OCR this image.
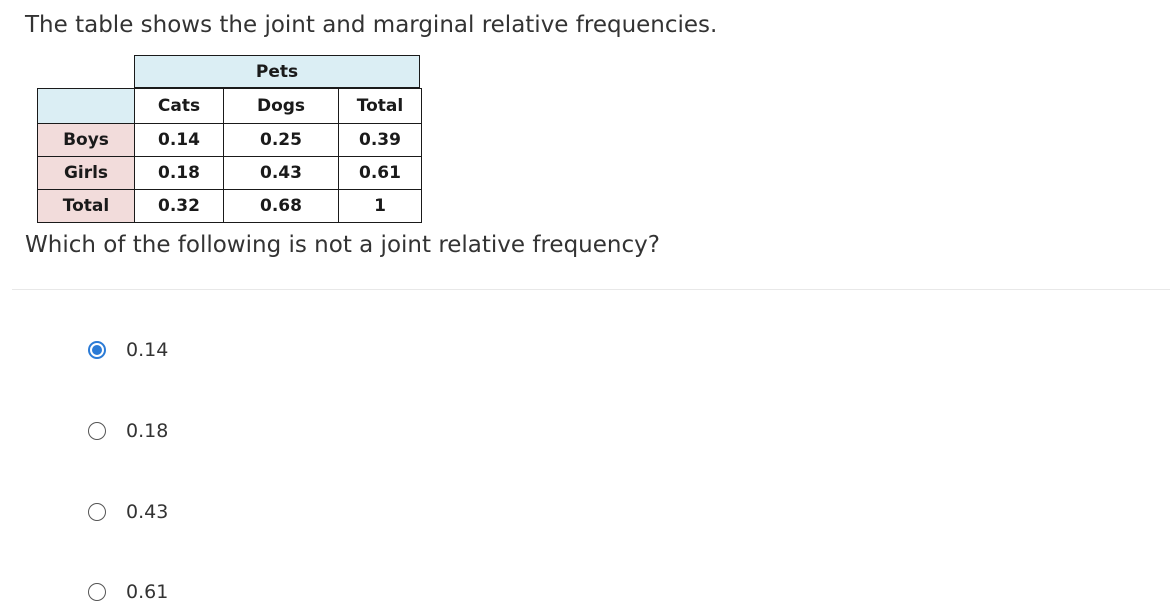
The table shows the joint and marginal relative frequencies.
Pets
	Cats	Dogs	Total
Boys	0.14	0.25	0.39
Girls	0.18	0.43	0.61
Total	0.32	0.68	1
Which of the following is not a joint relative frequency?
0.14
0.18
0.43
0.61
